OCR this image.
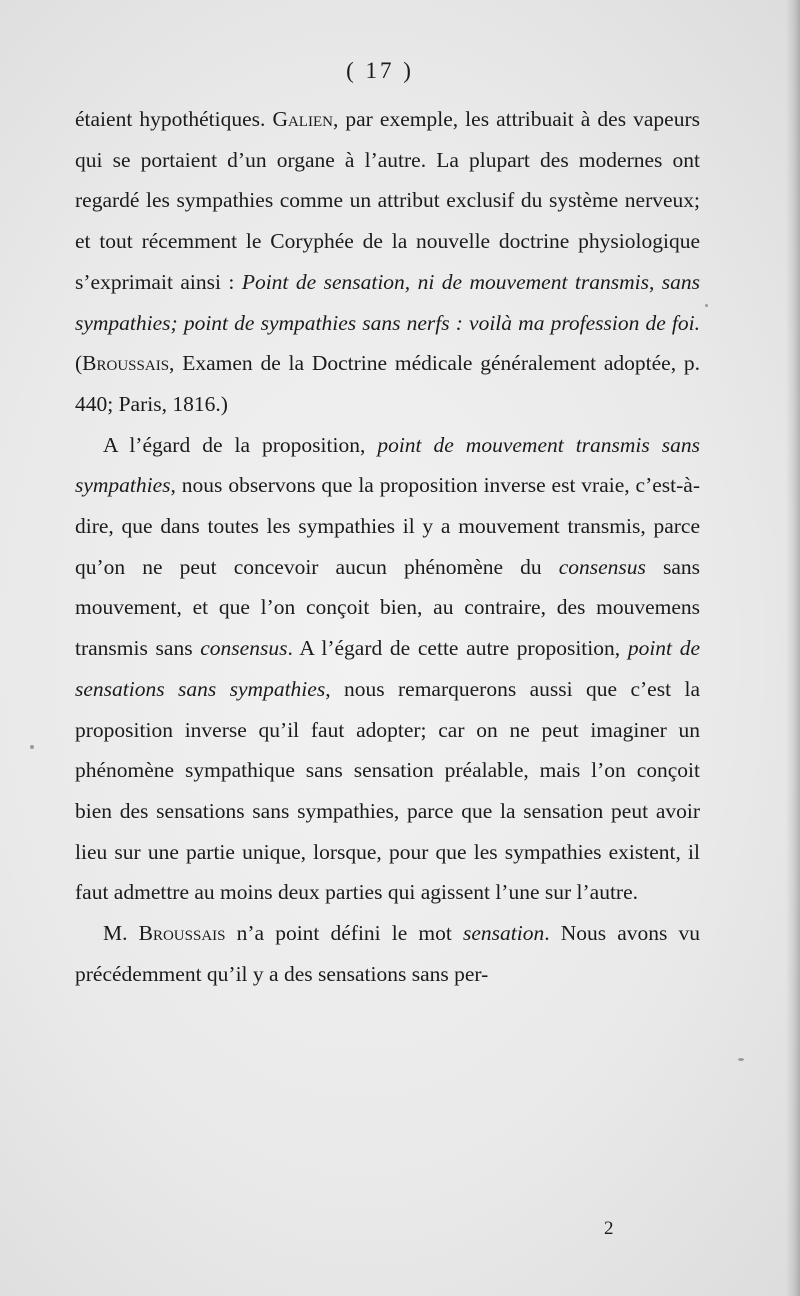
( 17 )

étaient hypothétiques. Galien, par exemple, les attribuait à des vapeurs qui se portaient d’un organe à l’autre. La plupart des modernes ont regardé les sympathies comme un attribut exclusif du système nerveux; et tout récemment le Coryphée de la nouvelle doctrine physiologique s’exprimait ainsi : Point de sensation, ni de mouvement transmis, sans sympathies; point de sympathies sans nerfs : voilà ma profession de foi. (Broussais, Examen de la Doctrine médicale généralement adoptée, p. 440; Paris, 1816.)

A l’égard de la proposition, point de mouvement transmis sans sympathies, nous observons que la proposition inverse est vraie, c’est-à-dire, que dans toutes les sympathies il y a mouvement transmis, parce qu’on ne peut concevoir aucun phénomène du consensus sans mouvement, et que l’on conçoit bien, au contraire, des mouvemens transmis sans consensus. A l’égard de cette autre proposition, point de sensations sans sympathies, nous remarquerons aussi que c’est la proposition inverse qu’il faut adopter; car on ne peut imaginer un phénomène sympathique sans sensation préalable, mais l’on conçoit bien des sensations sans sympathies, parce que la sensation peut avoir lieu sur une partie unique, lorsque, pour que les sympathies existent, il faut admettre au moins deux parties qui agissent l’une sur l’autre.

M. Broussais n’a point défini le mot sensation. Nous avons vu précédemment qu’il y a des sensations sans per-

2
